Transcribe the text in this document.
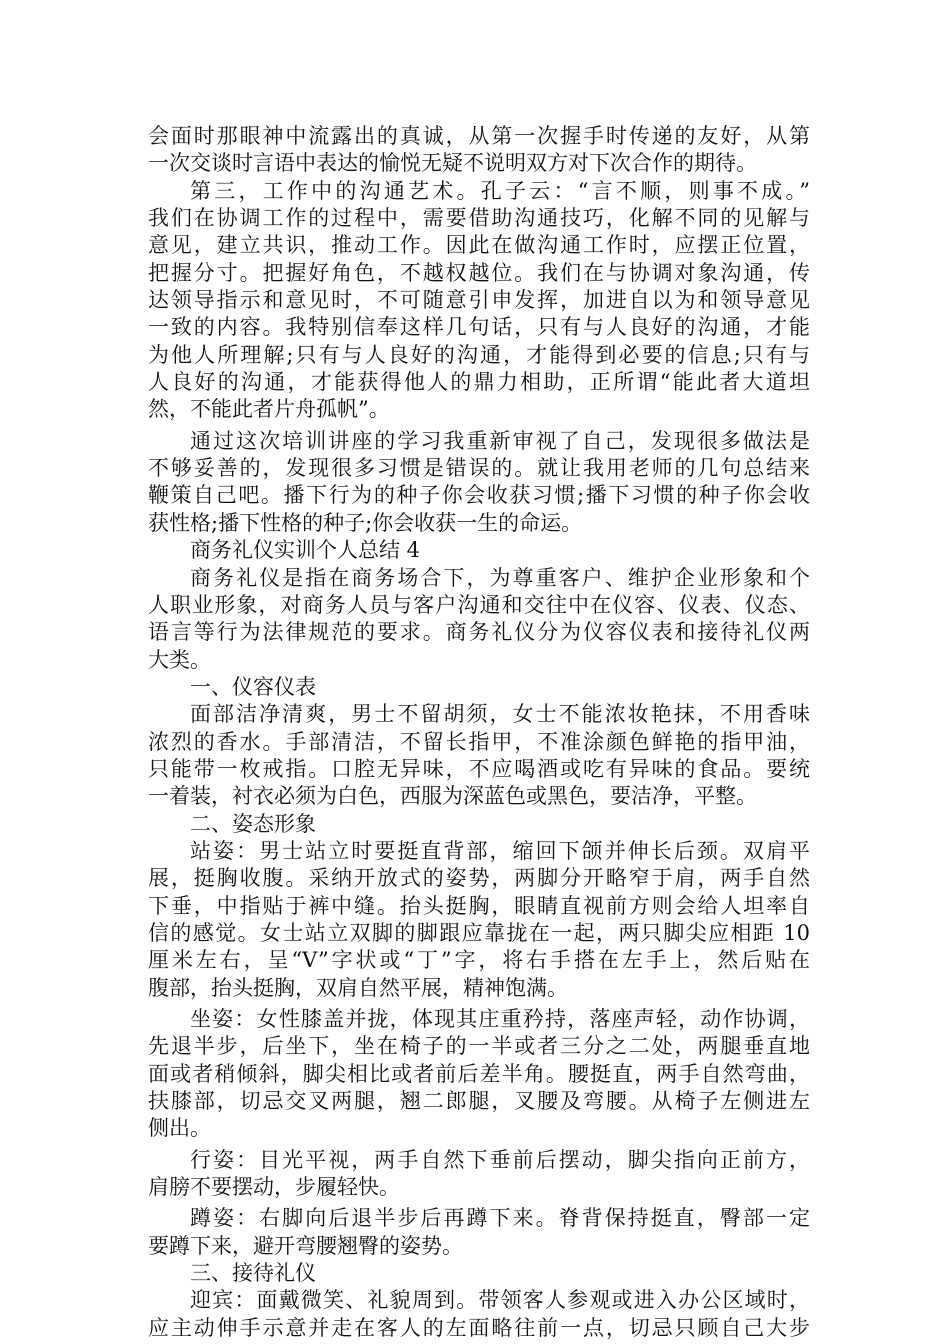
会面时那眼神中流露出的真诚，从第一次握手时传递的友好，从第
一次交谈时言语中表达的愉悦无疑不说明双方对下次合作的期待。
第三，工作中的沟通艺术。孔子云：“言不顺，则事不成。”
我们在协调工作的过程中，需要借助沟通技巧，化解不同的见解与
意见，建立共识，推动工作。因此在做沟通工作时，应摆正位置，
把握分寸。把握好角色，不越权越位。我们在与协调对象沟通，传
达领导指示和意见时，不可随意引申发挥，加进自以为和领导意见
一致的内容。我特别信奉这样几句话，只有与人良好的沟通，才能
为他人所理解;只有与人良好的沟通，才能得到必要的信息;只有与
人良好的沟通，才能获得他人的鼎力相助，正所谓“能此者大道坦
然，不能此者片舟孤帆”。
通过这次培训讲座的学习我重新审视了自己，发现很多做法是
不够妥善的，发现很多习惯是错误的。就让我用老师的几句总结来
鞭策自己吧。播下行为的种子你会收获习惯;播下习惯的种子你会收
获性格;播下性格的种子;你会收获一生的命运。
商务礼仪实训个人总结 4
商务礼仪是指在商务场合下，为尊重客户、维护企业形象和个
人职业形象，对商务人员与客户沟通和交往中在仪容、仪表、仪态、
语言等行为法律规范的要求。商务礼仪分为仪容仪表和接待礼仪两
大类。
一、仪容仪表
面部洁净清爽，男士不留胡须，女士不能浓妆艳抹，不用香味
浓烈的香水。手部清洁，不留长指甲，不准涂颜色鲜艳的指甲油，
只能带一枚戒指。口腔无异味，不应喝酒或吃有异味的食品。要统
一着装，衬衣必须为白色，西服为深蓝色或黑色，要洁净，平整。
二、姿态形象
站姿：男士站立时要挺直背部，缩回下颌并伸长后颈。双肩平
展，挺胸收腹。采纳开放式的姿势，两脚分开略窄于肩，两手自然
下垂，中指贴于裤中缝。抬头挺胸，眼睛直视前方则会给人坦率自
信的感觉。女士站立双脚的脚跟应靠拢在一起，两只脚尖应相距 10
厘米左右，呈“V”字状或“丁”字，将右手搭在左手上，然后贴在
腹部，抬头挺胸，双肩自然平展，精神饱满。
坐姿：女性膝盖并拢，体现其庄重矜持，落座声轻，动作协调，
先退半步，后坐下，坐在椅子的一半或者三分之二处，两腿垂直地
面或者稍倾斜，脚尖相比或者前后差半角。腰挺直，两手自然弯曲，
扶膝部，切忌交叉两腿，翘二郎腿，叉腰及弯腰。从椅子左侧进左
侧出。
行姿：目光平视，两手自然下垂前后摆动，脚尖指向正前方，
肩膀不要摆动，步履轻快。
蹲姿：右脚向后退半步后再蹲下来。脊背保持挺直，臀部一定
要蹲下来，避开弯腰翘臀的姿势。
三、接待礼仪
迎宾：面戴微笑、礼貌周到。带领客人参观或进入办公区域时，
应主动伸手示意并走在客人的左面略往前一点，切忌只顾自己大步
